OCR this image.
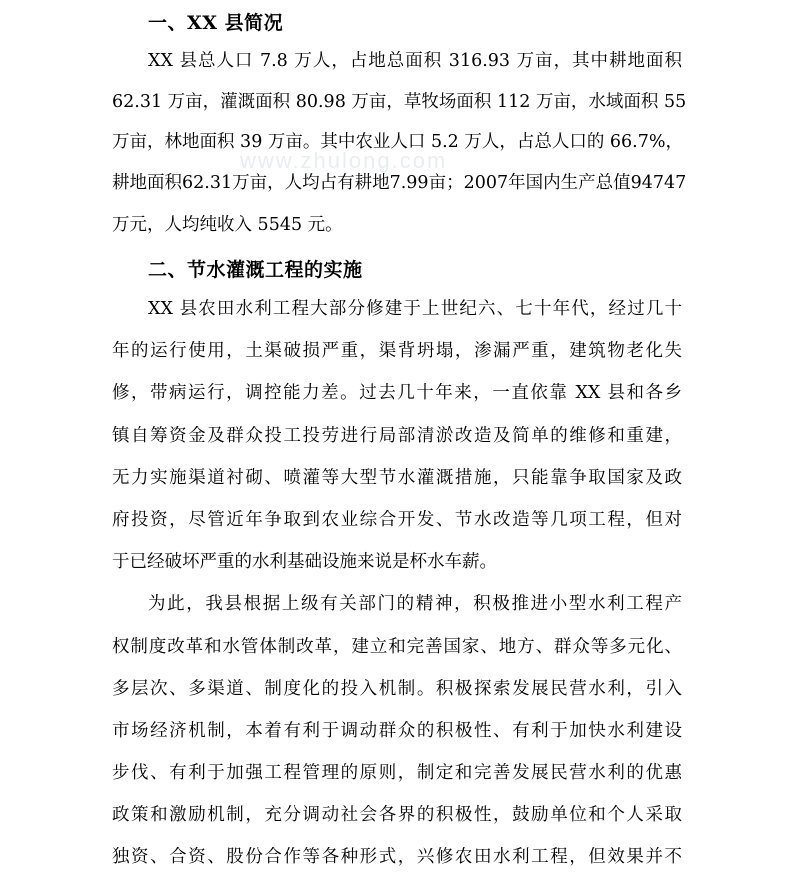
www.zhulong.com
一、XX 县简况

XX 县总人口 7.8 万人，占地总面积 316.93 万亩，其中耕地面积

62.31 万亩，灌溉面积 80.98 万亩，草牧场面积 112 万亩，水域面积 55

万亩，林地面积 39 万亩。其中农业人口 5.2 万人，占总人口的 66.7%，

耕地面积62.31万亩，人均占有耕地7.99亩；2007年国内生产总值94747

万元，人均纯收入 5545 元。

二、节水灌溉工程的实施

XX 县农田水利工程大部分修建于上世纪六、七十年代，经过几十

年的运行使用，土渠破损严重，渠背坍塌，渗漏严重，建筑物老化失

修，带病运行，调控能力差。过去几十年来，一直依靠 XX 县和各乡

镇自筹资金及群众投工投劳进行局部清淤改造及简单的维修和重建，

无力实施渠道衬砌、喷灌等大型节水灌溉措施，只能靠争取国家及政

府投资，尽管近年争取到农业综合开发、节水改造等几项工程，但对

于已经破坏严重的水利基础设施来说是杯水车薪。

为此，我县根据上级有关部门的精神，积极推进小型水利工程产

权制度改革和水管体制改革，建立和完善国家、地方、群众等多元化、

多层次、多渠道、制度化的投入机制。积极探索发展民营水利，引入

市场经济机制，本着有利于调动群众的积极性、有利于加快水利建设

步伐、有利于加强工程管理的原则，制定和完善发展民营水利的优惠

政策和激励机制，充分调动社会各界的积极性，鼓励单位和个人采取

独资、合资、股份合作等各种形式，兴修农田水利工程，但效果并不
